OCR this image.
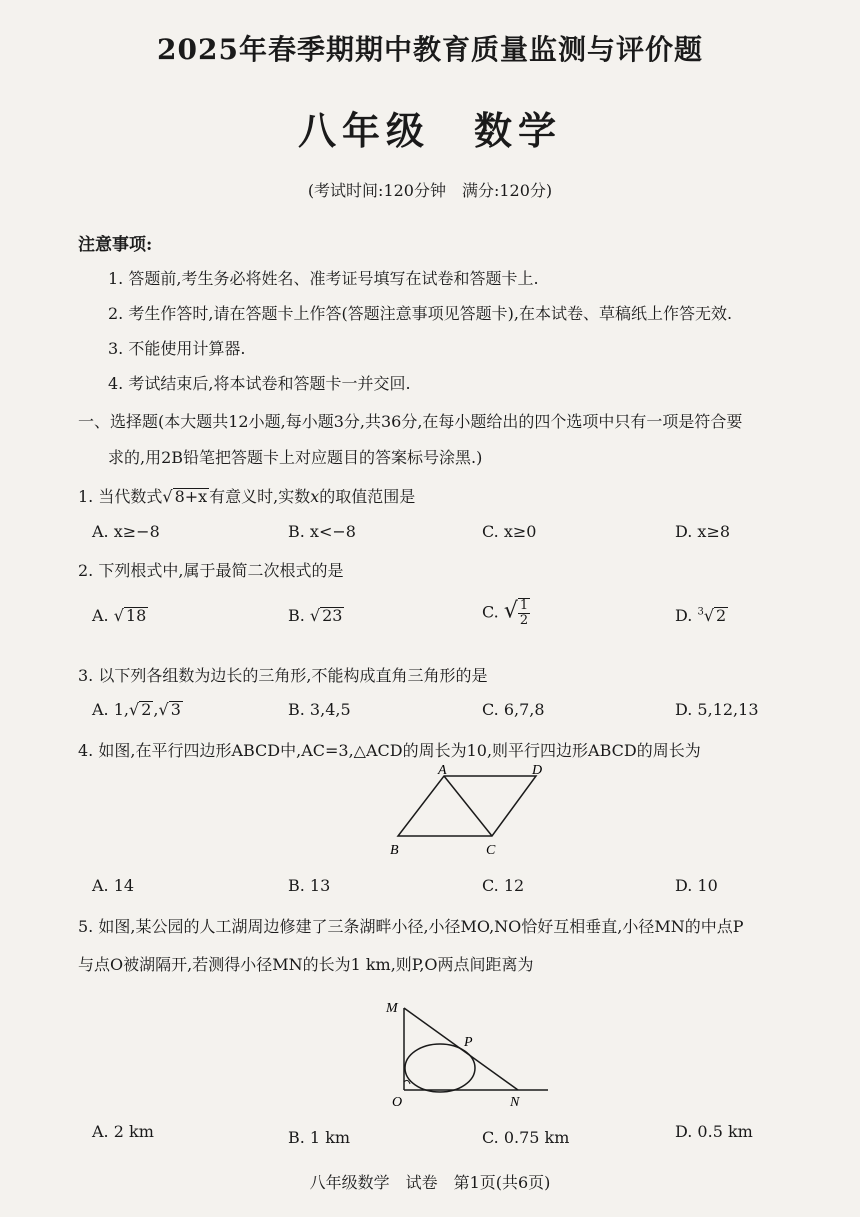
2025年春季期期中教育质量监测与评价题
八年级 数学
(考试时间:120分钟　满分:120分)
注意事项:
1. 答题前,考生务必将姓名、准考证号填写在试卷和答题卡上.
2. 考生作答时,请在答题卡上作答(答题注意事项见答题卡),在本试卷、草稿纸上作答无效.
3. 不能使用计算器.
4. 考试结束后,将本试卷和答题卡一并交回.
一、选择题(本大题共12小题,每小题3分,共36分,在每小题给出的四个选项中只有一项是符合要
求的,用2B铅笔把答题卡上对应题目的答案标号涂黑.)
1. 当代数式√ 8+x 有意义时,实数x的取值范围是
A. x≥−8	B. x<−8	C. x≥0	D. x≥8
2. 下列根式中,属于最简二次根式的是
A. √ 18	B. √ 23	C. √ $\frac{1}{2}$	D. $^3$√ 2
3. 以下列各组数为边长的三角形,不能构成直角三角形的是
A. 1,√ 2 ,√ 3	B. 3,4,5	C. 6,7,8	D. 5,12,13
4. 如图,在平行四边形ABCD中,AC=3,△ACD的周长为10,则平行四边形ABCD的周长为
A	D
B	C
A. 14	B. 13	C. 12	D. 10
5. 如图,某公园的人工湖周边修建了三条湖畔小径,小径MO,NO恰好互相垂直,小径MN的中点P
与点O被湖隔开,若测得小径MN的长为1 km,则P,O两点间距离为
M
P
O	N
A. 2 km	B. 1 km	C. 0.75 km	D. 0.5 km
八年级数学　试卷　第1页(共6页)
